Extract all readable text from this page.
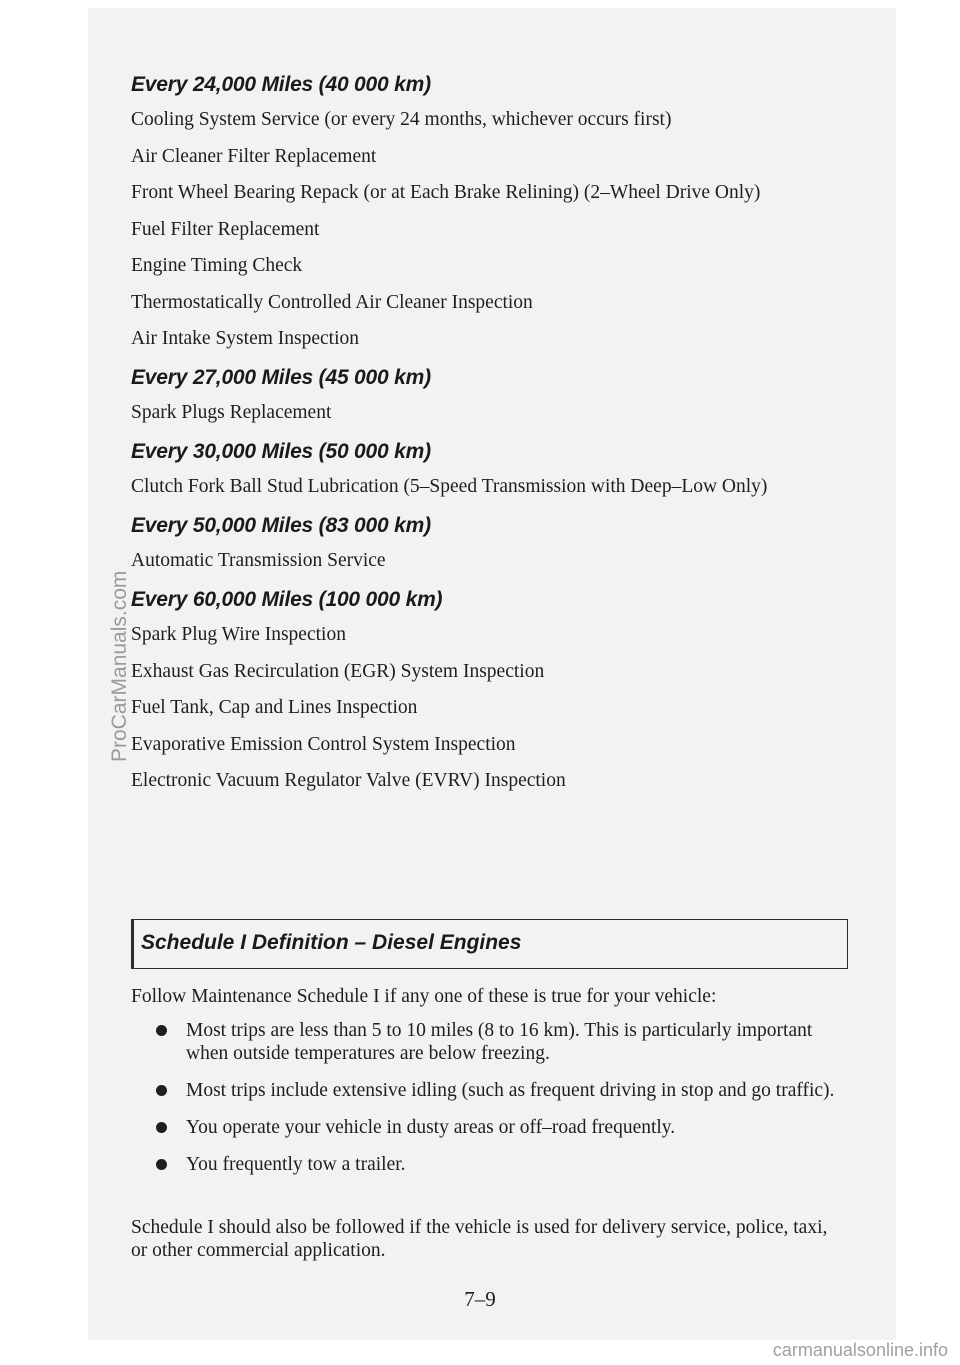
Every 24,000 Miles (40 000 km)
Cooling System Service (or every 24 months, whichever occurs first)
Air Cleaner Filter Replacement
Front Wheel Bearing Repack (or at Each Brake Relining) (2–Wheel Drive Only)
Fuel Filter Replacement
Engine Timing Check
Thermostatically Controlled Air Cleaner Inspection
Air Intake System Inspection
Every 27,000 Miles (45 000 km)
Spark Plugs Replacement
Every 30,000 Miles (50 000 km)
Clutch Fork Ball Stud Lubrication (5–Speed Transmission with Deep–Low Only)
Every 50,000 Miles (83 000 km)
Automatic Transmission Service
Every 60,000 Miles (100 000 km)
Spark Plug Wire Inspection
Exhaust Gas Recirculation (EGR) System Inspection
Fuel Tank, Cap and Lines Inspection
Evaporative Emission Control System Inspection
Electronic Vacuum Regulator Valve (EVRV) Inspection
Schedule I Definition – Diesel Engines
Follow Maintenance Schedule I if any one of these is true for your vehicle:
Most trips are less than 5 to 10 miles (8 to 16 km). This is particularly important when outside temperatures are below freezing.
Most trips include extensive idling (such as frequent driving in stop and go traffic).
You operate your vehicle in dusty areas or off–road frequently.
You frequently tow a trailer.
Schedule I should also be followed if the vehicle is used for delivery service, police, taxi, or other commercial application.
7–9
ProCarManuals.com
carmanualsonline.info
